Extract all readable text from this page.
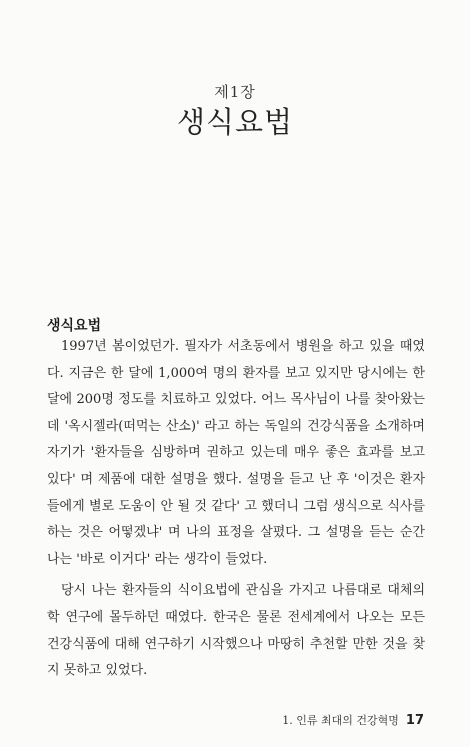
제1장
생식요법
생식요법

1997년 봄이었던가. 필자가 서초동에서 병원을 하고 있을 때였다. 지금은 한 달에 1,000여 명의 환자를 보고 있지만 당시에는 한 달에 200명 정도를 치료하고 있었다. 어느 목사님이 나를 찾아왔는데 '옥시젤라(떠먹는 산소)' 라고 하는 독일의 건강식품을 소개하며 자기가 '환자들을 심방하며 권하고 있는데 매우 좋은 효과를 보고 있다' 며 제품에 대한 설명을 했다. 설명을 듣고 난 후 '이것은 환자들에게 별로 도움이 안 될 것 같다' 고 했더니 그럼 생식으로 식사를 하는 것은 어떻겠냐' 며 나의 표정을 살폈다. 그 설명을 듣는 순간 나는 '바로 이거다' 라는 생각이 들었다.

당시 나는 환자들의 식이요법에 관심을 가지고 나름대로 대체의학 연구에 몰두하던 때였다. 한국은 물론 전세계에서 나오는 모든 건강식품에 대해 연구하기 시작했으나 마땅히 추천할 만한 것을 찾지 못하고 있었다.

1. 인류 최대의 건강혁명 17
